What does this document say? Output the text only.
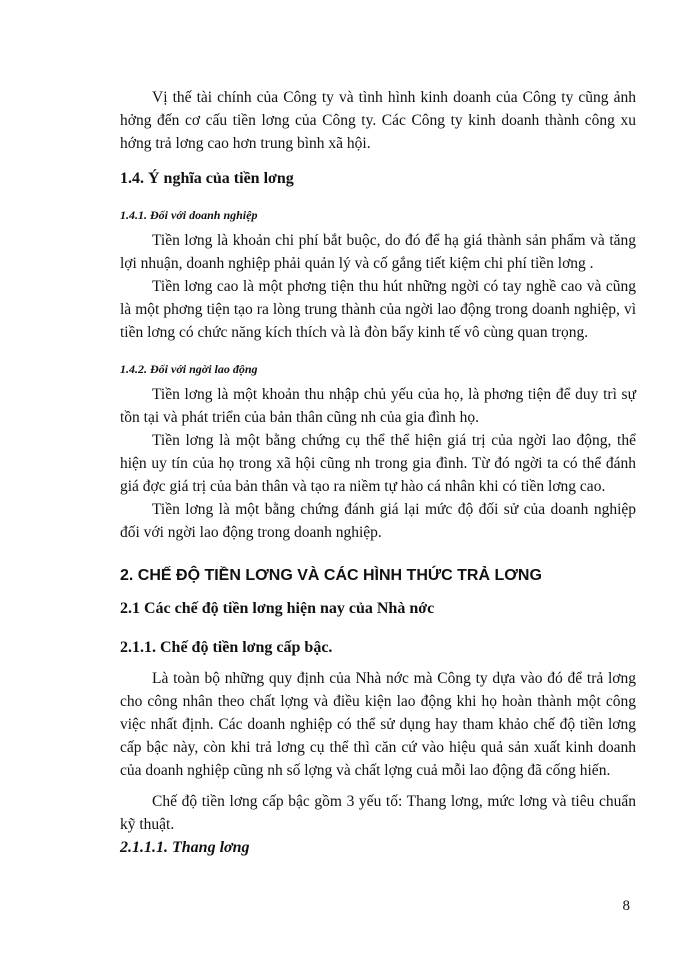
Vị thế tài chính của Công ty và tình hình kinh doanh của Công ty cũng ảnh hởng đến cơ cấu tiền lơng của Công ty. Các Công ty kinh doanh thành công xu hớng trả lơng cao hơn trung bình xã hội.

1.4. Ý nghĩa của tiền lơng
1.4.1. Đối với doanh nghiệp

Tiền lơng là khoản chi phí bắt buộc, do đó để hạ giá thành sản phẩm và tăng lợi nhuận, doanh nghiệp phải quản lý và cố gắng tiết kiệm chi phí tiền lơng .

Tiền lơng cao là một phơng tiện thu hút những ngời có tay nghề cao và cũng là một phơng tiện tạo ra lòng trung thành của ngời lao động trong doanh nghiệp, vì tiền lơng có chức năng kích thích và là đòn bẩy kinh tế vô cùng quan trọng.

1.4.2. Đối với ngời lao động

Tiền lơng là một khoản thu nhập chủ yếu của họ, là phơng tiện để duy trì sự tồn tại và phát triển của bản thân cũng nh của gia đình họ.

Tiền lơng là một bằng chứng cụ thể thể hiện giá trị của ngời lao động, thể hiện uy tín của họ trong xã hội cũng nh trong gia đình. Từ đó ngời ta có thể đánh giá đợc giá trị của bản thân và tạo ra niềm tự hào cá nhân khi có tiền lơng cao.

Tiền lơng là một bằng chứng đánh giá lại mức độ đối sử của doanh nghiệp đối với ngời lao động trong doanh nghiệp.

2. CHẾ ĐỘ TIỀN LƠNG VÀ CÁC HÌNH THỨC TRẢ LƠNG
2.1 Các chế độ tiền lơng hiện nay của Nhà nớc
2.1.1. Chế độ tiền lơng cấp bậc.

Là toàn bộ những quy định của Nhà nớc mà Công ty dựa vào đó để trả lơng cho công nhân theo chất lợng và điều kiện lao động khi họ hoàn thành một công việc nhất định. Các doanh nghiệp có thể sử dụng hay tham khảo chế độ tiền lơng cấp bậc này, còn khi trả lơng cụ thể thì căn cứ vào hiệu quả sản xuất kinh doanh của doanh nghiệp cũng nh số lợng và chất lợng cuả mỗi lao động đã cống hiến.

Chế độ tiền lơng cấp bậc gồm 3 yếu tố: Thang lơng, mức lơng và tiêu chuẩn kỹ thuật.

2.1.1.1. Thang lơng
8
